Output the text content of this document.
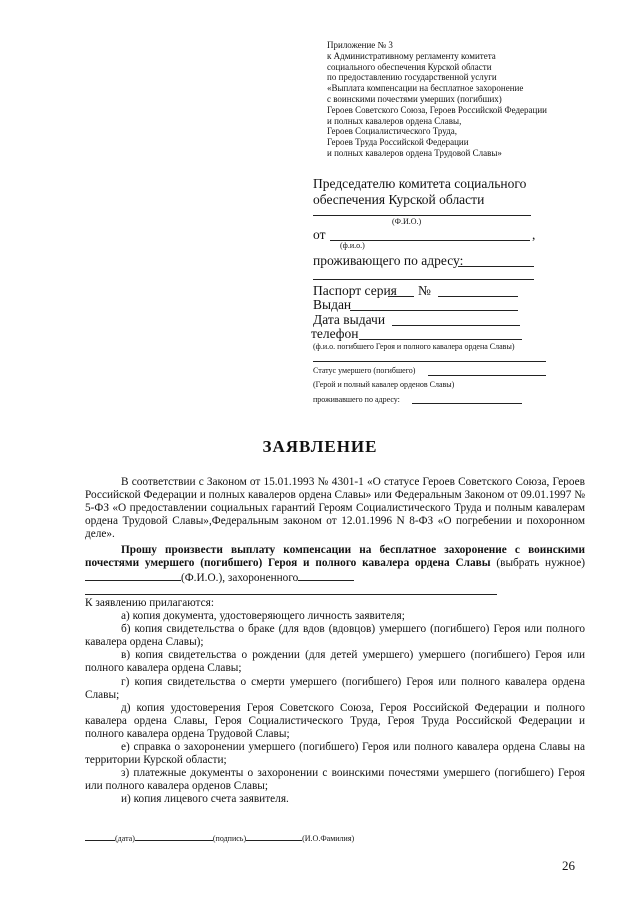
Приложение № 3
к Административному регламенту комитета
социального обеспечения Курской области
по предоставлению государственной услуги
«Выплата компенсации на бесплатное захоронение
с воинскими почестями умерших (погибших)
Героев Советского Союза, Героев Российской Федерации
и полных кавалеров ордена Славы,
Героев Социалистического Труда,
Героев Труда Российской Федерации
и полных кавалеров ордена Трудовой Славы»
Председателю комитета социального
обеспечения Курской области
(Ф.И.О.)
от	,
(ф.и.о.)
проживающего по адресу:
Паспорт серия №
Выдан
Дата выдачи
телефон
(ф.и.о. погибшего Героя и полного кавалера ордена Славы)
Статус умершего (погибшего)
(Герой и полный кавалер орденов Славы)
проживавшего по адресу:
ЗАЯВЛЕНИЕ

В соответствии с Законом от 15.01.1993 № 4301-1 «О статусе Героев Советского Союза, Героев Российской Федерации и полных кавалеров ордена Славы» или Федеральным Законом от 09.01.1997 № 5-ФЗ «О предоставлении социальных гарантий Героям Социалистического Труда и полным кавалерам ордена Трудовой Славы»,Федеральным законом от 12.01.1996 N 8-ФЗ «О погребении и похоронном деле».

Прошу произвести выплату компенсации на бесплатное захоронение с воинскими почестями умершего (погибшего) Героя и полного кавалера ордена Славы (выбрать нужное)(Ф.И.О.), захороненного

К заявлению прилагаются:

а) копия документа, удостоверяющего личность заявителя;

б) копия свидетельства о браке (для вдов (вдовцов) умершего (погибшего) Героя или полного кавалера ордена Славы);

в) копия свидетельства о рождении (для детей умершего) умершего (погибшего) Героя или полного кавалера ордена Славы;

г) копия свидетельства о смерти умершего (погибшего) Героя или полного кавалера ордена Славы;

д) копия удостоверения Героя Советского Союза, Героя Российской Федерации и полного кавалера ордена Славы, Героя Социалистического Труда, Героя Труда Российской Федерации и полного кавалера ордена Трудовой Славы;

е) справка о захоронении умершего (погибшего) Героя или полного кавалера ордена Славы на территории Курской области;

з) платежные документы о захоронении с воинскими почестями умершего (погибшего) Героя или полного кавалера орденов Славы;

и) копия лицевого счета заявителя.

(дата)	(подпись)	(И.О.Фамилия)
26
